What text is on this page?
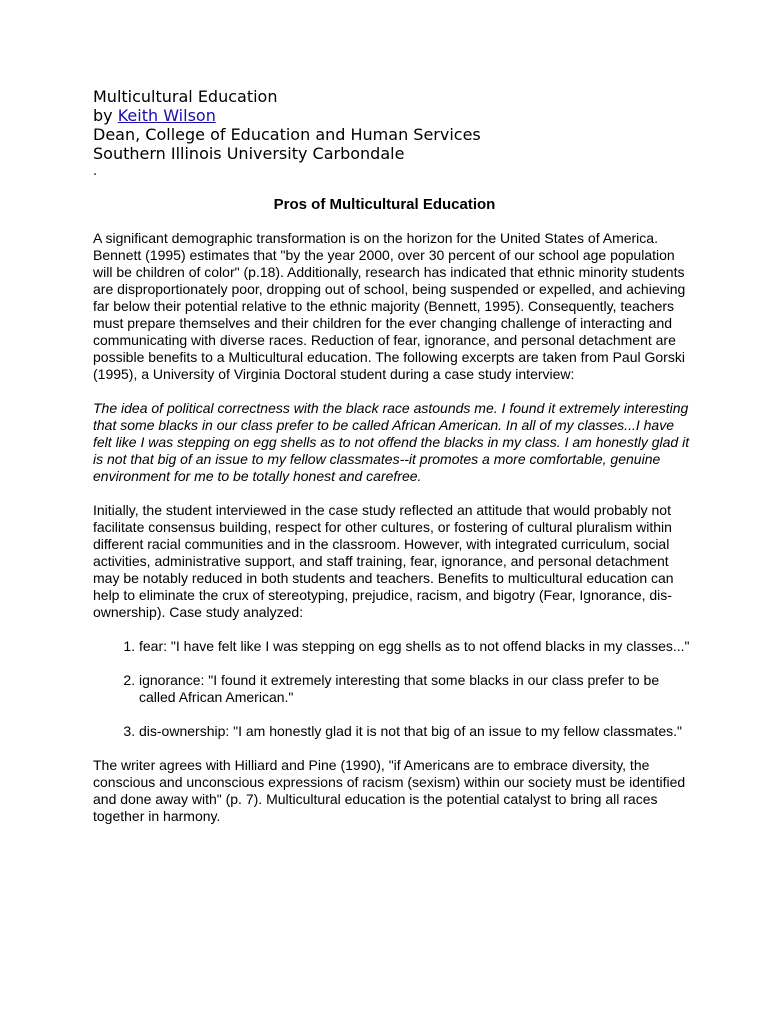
Multicultural Education
by Keith Wilson
Dean, College of Education and Human Services
Southern Illinois University Carbondale
.
Pros of Multicultural Education

A significant demographic transformation is on the horizon for the United States of America. Bennett (1995) estimates that "by the year 2000, over 30 percent of our school age population will be children of color" (p.18). Additionally, research has indicated that ethnic minority students are disproportionately poor, dropping out of school, being suspended or expelled, and achieving far below their potential relative to the ethnic majority (Bennett, 1995). Consequently, teachers must prepare themselves and their children for the ever changing challenge of interacting and communicating with diverse races. Reduction of fear, ignorance, and personal detachment are possible benefits to a Multicultural education. The following excerpts are taken from Paul Gorski (1995), a University of Virginia Doctoral student during a case study interview:

The idea of political correctness with the black race astounds me. I found it extremely interesting that some blacks in our class prefer to be called African American. In all of my classes...I have felt like I was stepping on egg shells as to not offend the blacks in my class. I am honestly glad it is not that big of an issue to my fellow classmates--it promotes a more comfortable, genuine environment for me to be totally honest and carefree.

Initially, the student interviewed in the case study reflected an attitude that would probably not facilitate consensus building, respect for other cultures, or fostering of cultural pluralism within different racial communities and in the classroom. However, with integrated curriculum, social activities, administrative support, and staff training, fear, ignorance, and personal detachment may be notably reduced in both students and teachers. Benefits to multicultural education can help to eliminate the crux of stereotyping, prejudice, racism, and bigotry (Fear, Ignorance, dis-ownership). Case study analyzed:

1. fear: "I have felt like I was stepping on egg shells as to not offend blacks in my classes..."
2. ignorance: "I found it extremely interesting that some blacks in our class prefer to be called African American."
3. dis-ownership: "I am honestly glad it is not that big of an issue to my fellow classmates."

The writer agrees with Hilliard and Pine (1990), "if Americans are to embrace diversity, the conscious and unconscious expressions of racism (sexism) within our society must be identified and done away with" (p. 7). Multicultural education is the potential catalyst to bring all races together in harmony.
